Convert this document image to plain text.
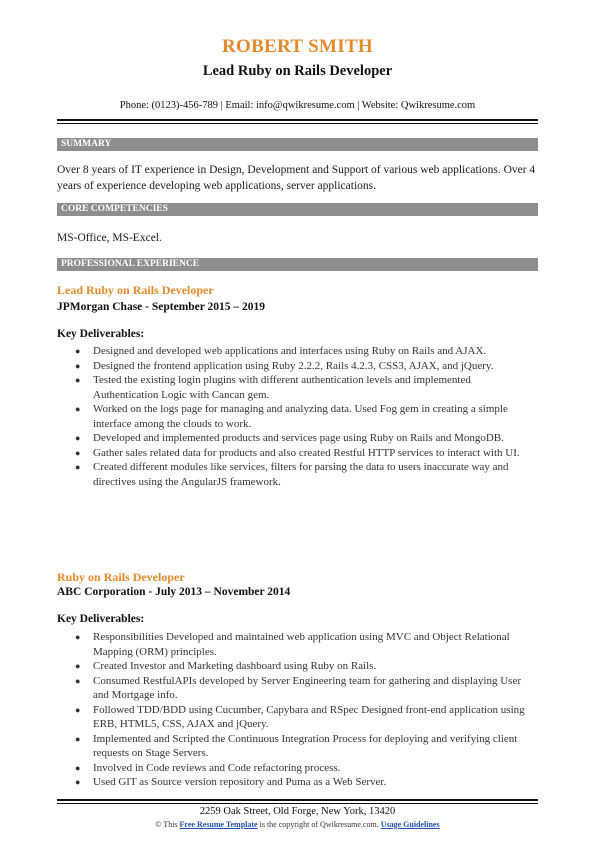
ROBERT SMITH
Lead Ruby on Rails Developer
Phone: (0123)-456-789 | Email: info@qwikresume.com | Website: Qwikresume.com
SUMMARY
Over 8 years of IT experience in Design, Development and Support of various web applications. Over 4 years of experience developing web applications, server applications.
CORE COMPETENCIES
MS-Office, MS-Excel.
PROFESSIONAL EXPERIENCE
Lead Ruby on Rails Developer
JPMorgan Chase - September 2015 – 2019
Key Deliverables:
● Designed and developed web applications and interfaces using Ruby on Rails and AJAX.
● Designed the frontend application using Ruby 2.2.2, Rails 4.2.3, CSS3, AJAX, and jQuery.
● Tested the existing login plugins with different authentication levels and implemented Authentication Logic with Cancan gem.
● Worked on the logs page for managing and analyzing data. Used Fog gem in creating a simple interface among the clouds to work.
● Developed and implemented products and services page using Ruby on Rails and MongoDB.
● Gather sales related data for products and also created Restful HTTP services to interact with UI.
● Created different modules like services, filters for parsing the data to users inaccurate way and directives using the AngularJS framework.
Ruby on Rails Developer
ABC Corporation - July 2013 – November 2014
Key Deliverables:
● Responsibilities Developed and maintained web application using MVC and Object Relational Mapping (ORM) principles.
● Created Investor and Marketing dashboard using Ruby on Rails.
● Consumed RestfulAPIs developed by Server Engineering team for gathering and displaying User and Mortgage info.
● Followed TDD/BDD using Cucumber, Capybara and RSpec Designed front-end application using ERB, HTML5, CSS, AJAX and jQuery.
● Implemented and Scripted the Continuous Integration Process for deploying and verifying client requests on Stage Servers.
● Involved in Code reviews and Code refactoring process.
● Used GIT as Source version repository and Puma as a Web Server.
2259 Oak Street, Old Forge, New York, 13420
© This Free Resume Template is the copyright of Qwikresume.com. Usage Guidelines
